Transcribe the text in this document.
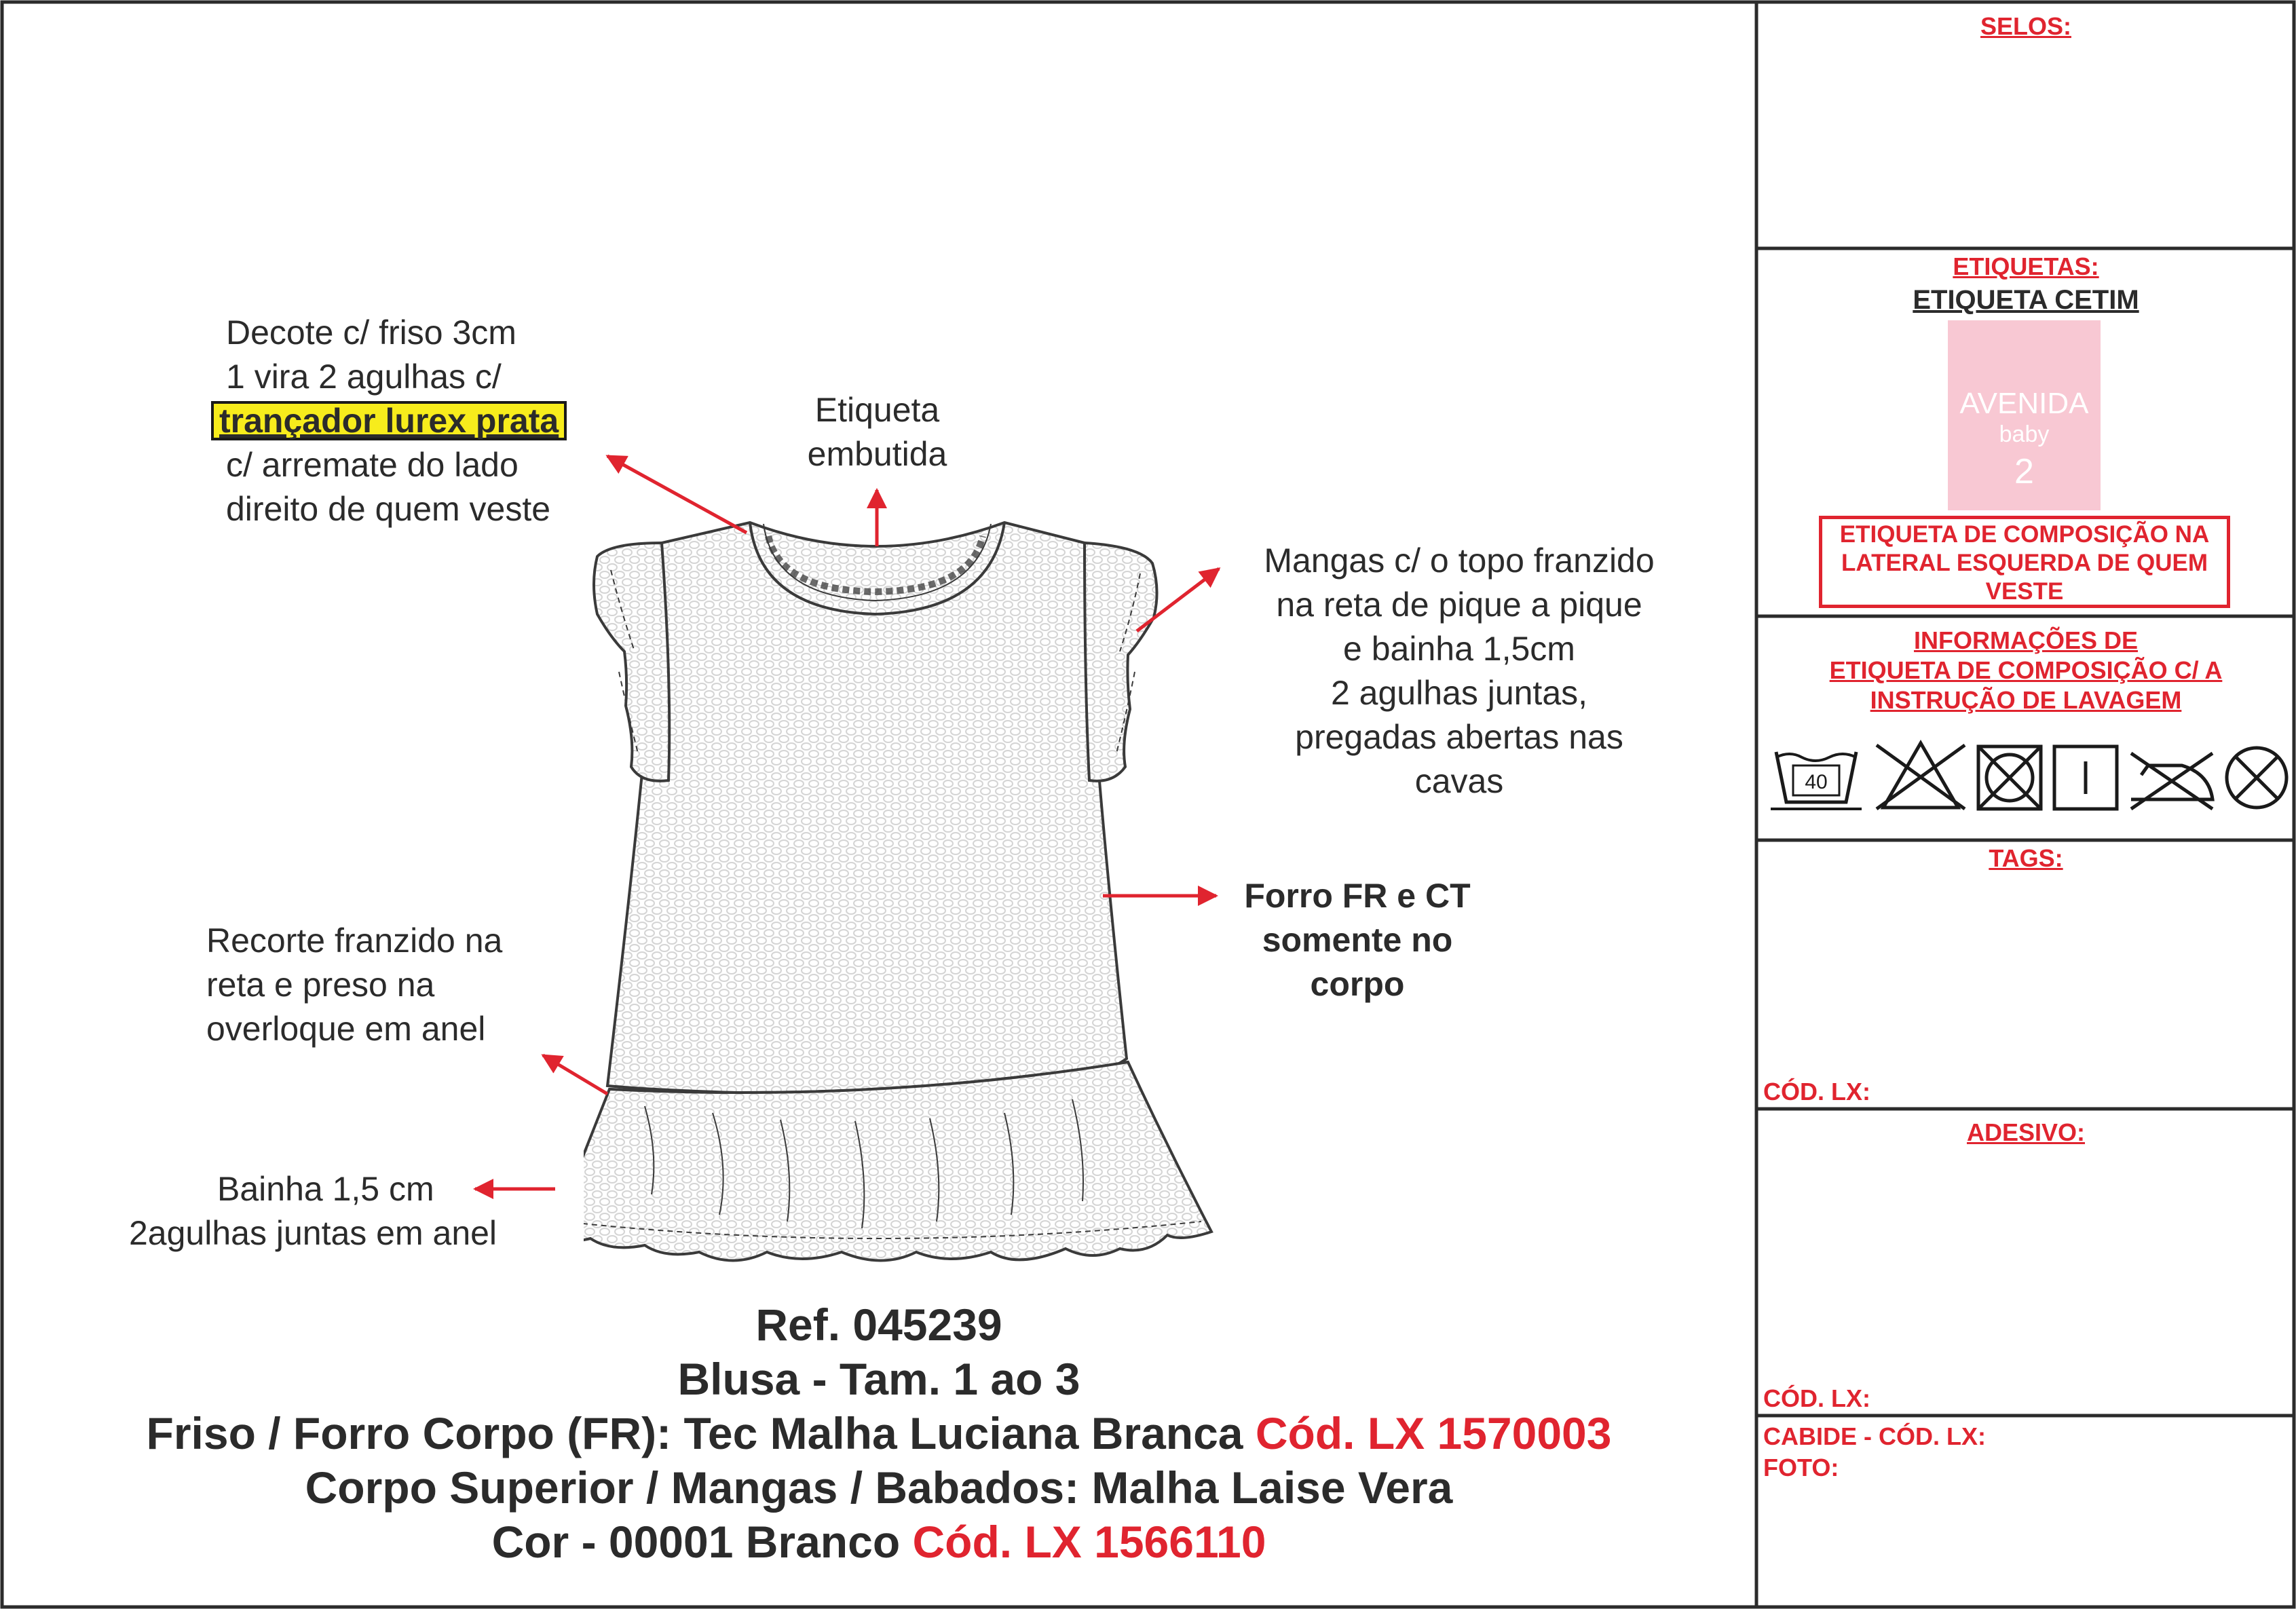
Decote c/ friso 3cm
1 vira 2 agulhas c/
trançador lurex prata
c/ arremate do lado
direito de quem veste
Etiqueta
embutida
Mangas c/ o topo franzido
na reta de pique a pique
e bainha 1,5cm
2 agulhas juntas,
pregadas abertas nas
cavas
Forro FR e CT
somente no
corpo
Recorte franzido na
reta e preso na
overloque em anel
Bainha 1,5 cm
2agulhas juntas em anel
Ref. 045239
Blusa - Tam. 1 ao 3
Friso / Forro Corpo (FR): Tec Malha Luciana Branca Cód. LX 1570003
Corpo Superior / Mangas / Babados: Malha Laise Vera
Cor - 00001 Branco Cód. LX 1566110
SELOS:
ETIQUETAS:
ETIQUETA CETIM
AVENIDA
baby
2
ETIQUETA DE COMPOSIÇÃO NA
LATERAL ESQUERDA DE QUEM
VESTE
INFORMAÇÕES DE
ETIQUETA DE COMPOSIÇÃO C/ A
INSTRUÇÃO DE LAVAGEM
40
TAGS:
CÓD. LX:
ADESIVO:
CÓD. LX:
CABIDE - CÓD. LX:
FOTO:
